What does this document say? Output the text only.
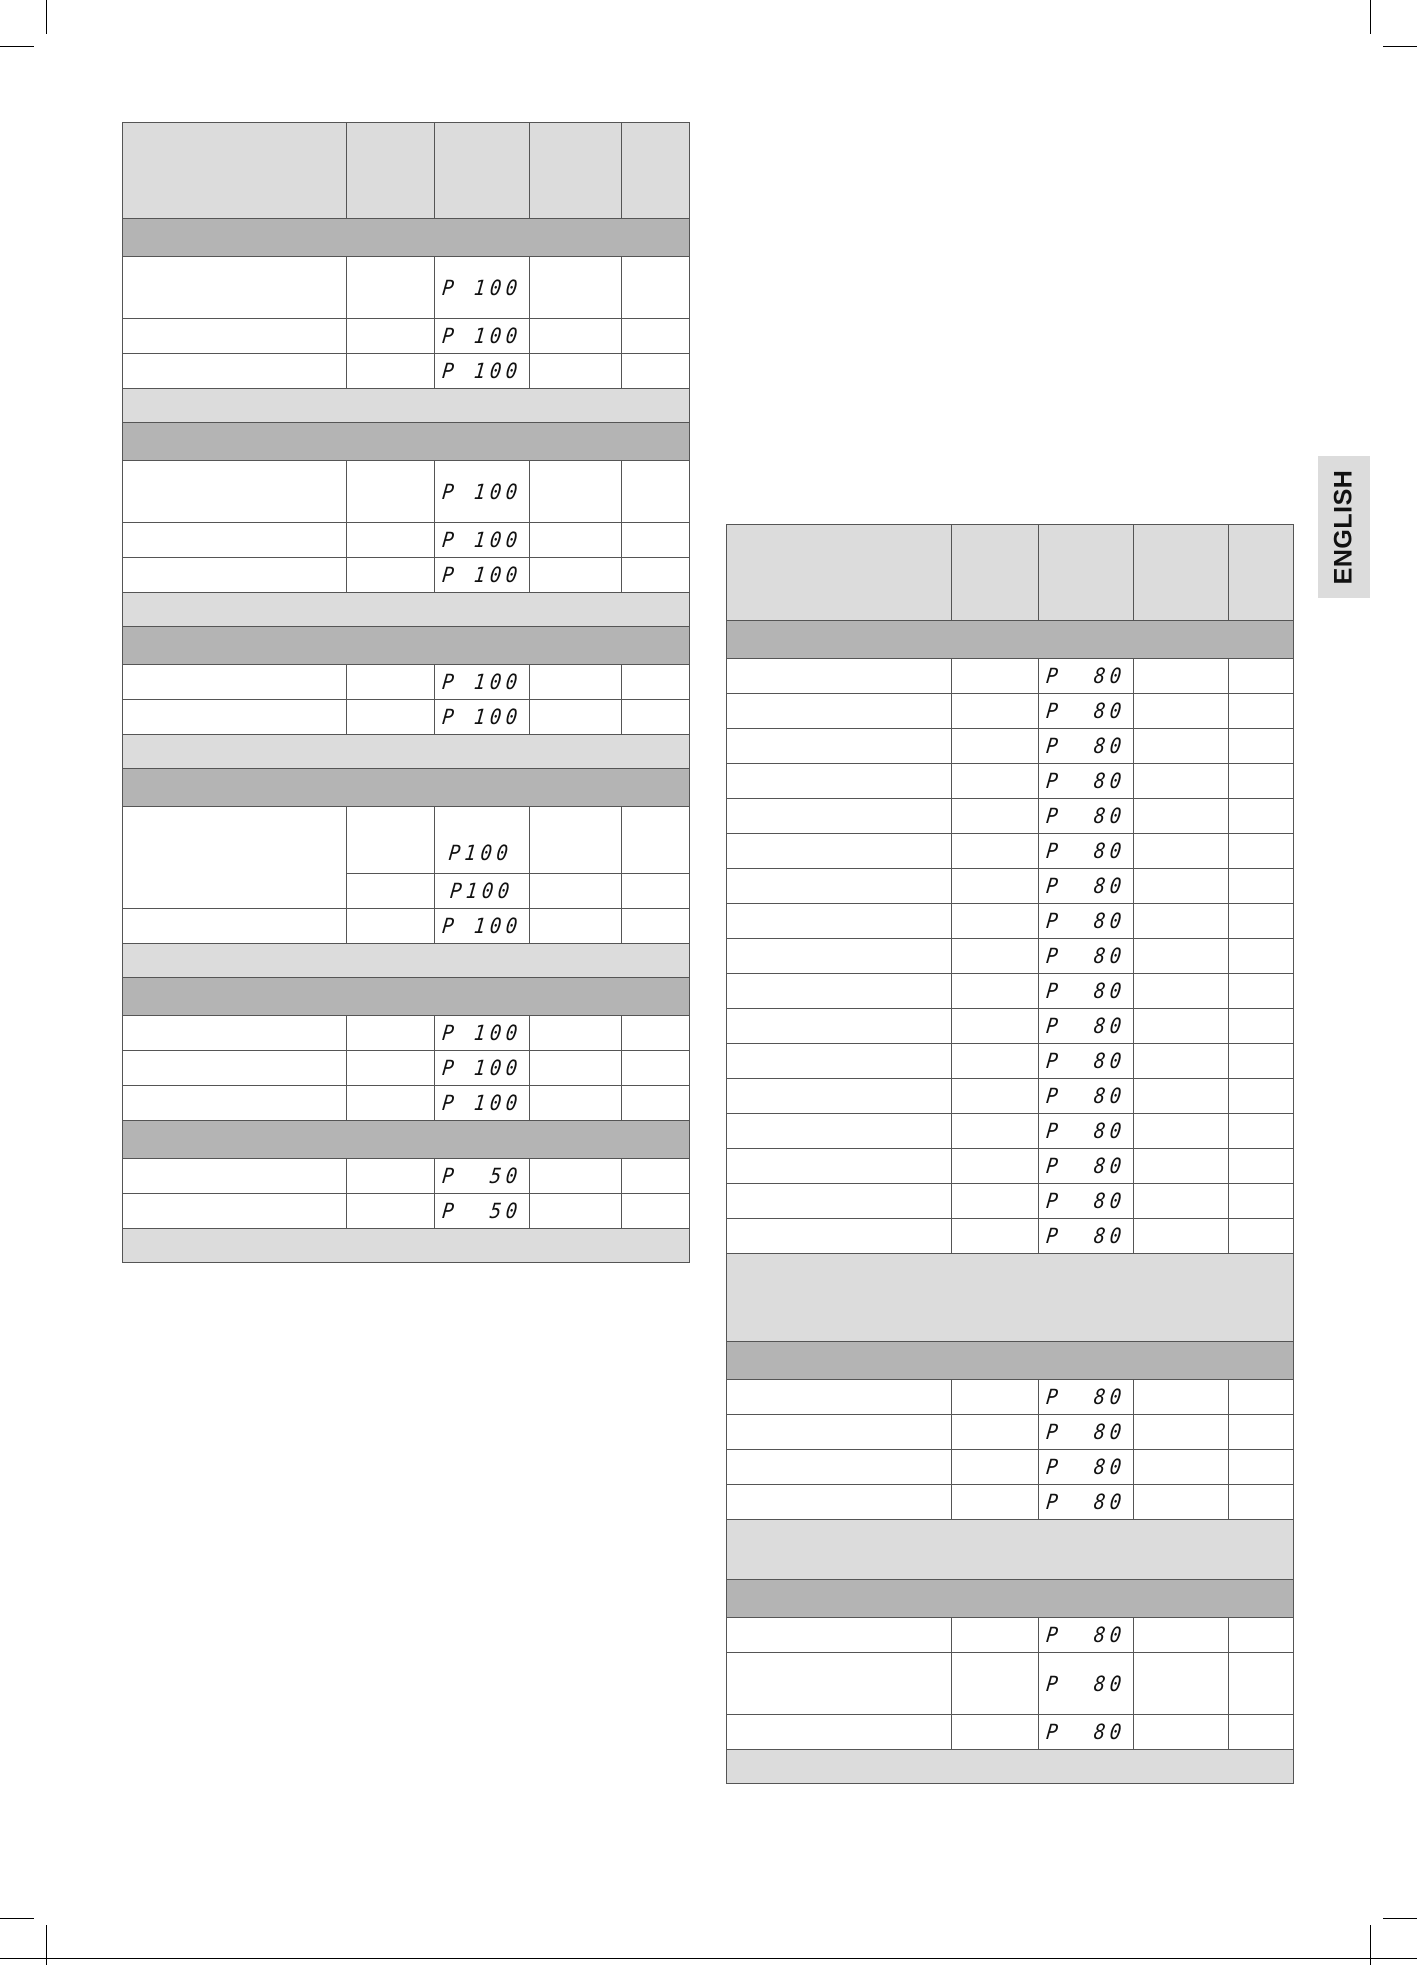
ENGLISH

		P 100		

		P 100		

		P 100		

		P 100		

		P 100		

		P 100		

		P 100		

		P 100		

		P100		

		P100		

		P 100		

		P 100		

		P 100		

		P 100		

		P  50		

		P  50		

		P  80		

		P  80		

		P  80		

		P  80		

		P  80		

		P  80		

		P  80		

		P  80		

		P  80		

		P  80		

		P  80		

		P  80		

		P  80		

		P  80		

		P  80		

		P  80		

		P  80		

		P  80		

		P  80		

		P  80		

		P  80		

		P  80		

		P  80		

		P  80		
